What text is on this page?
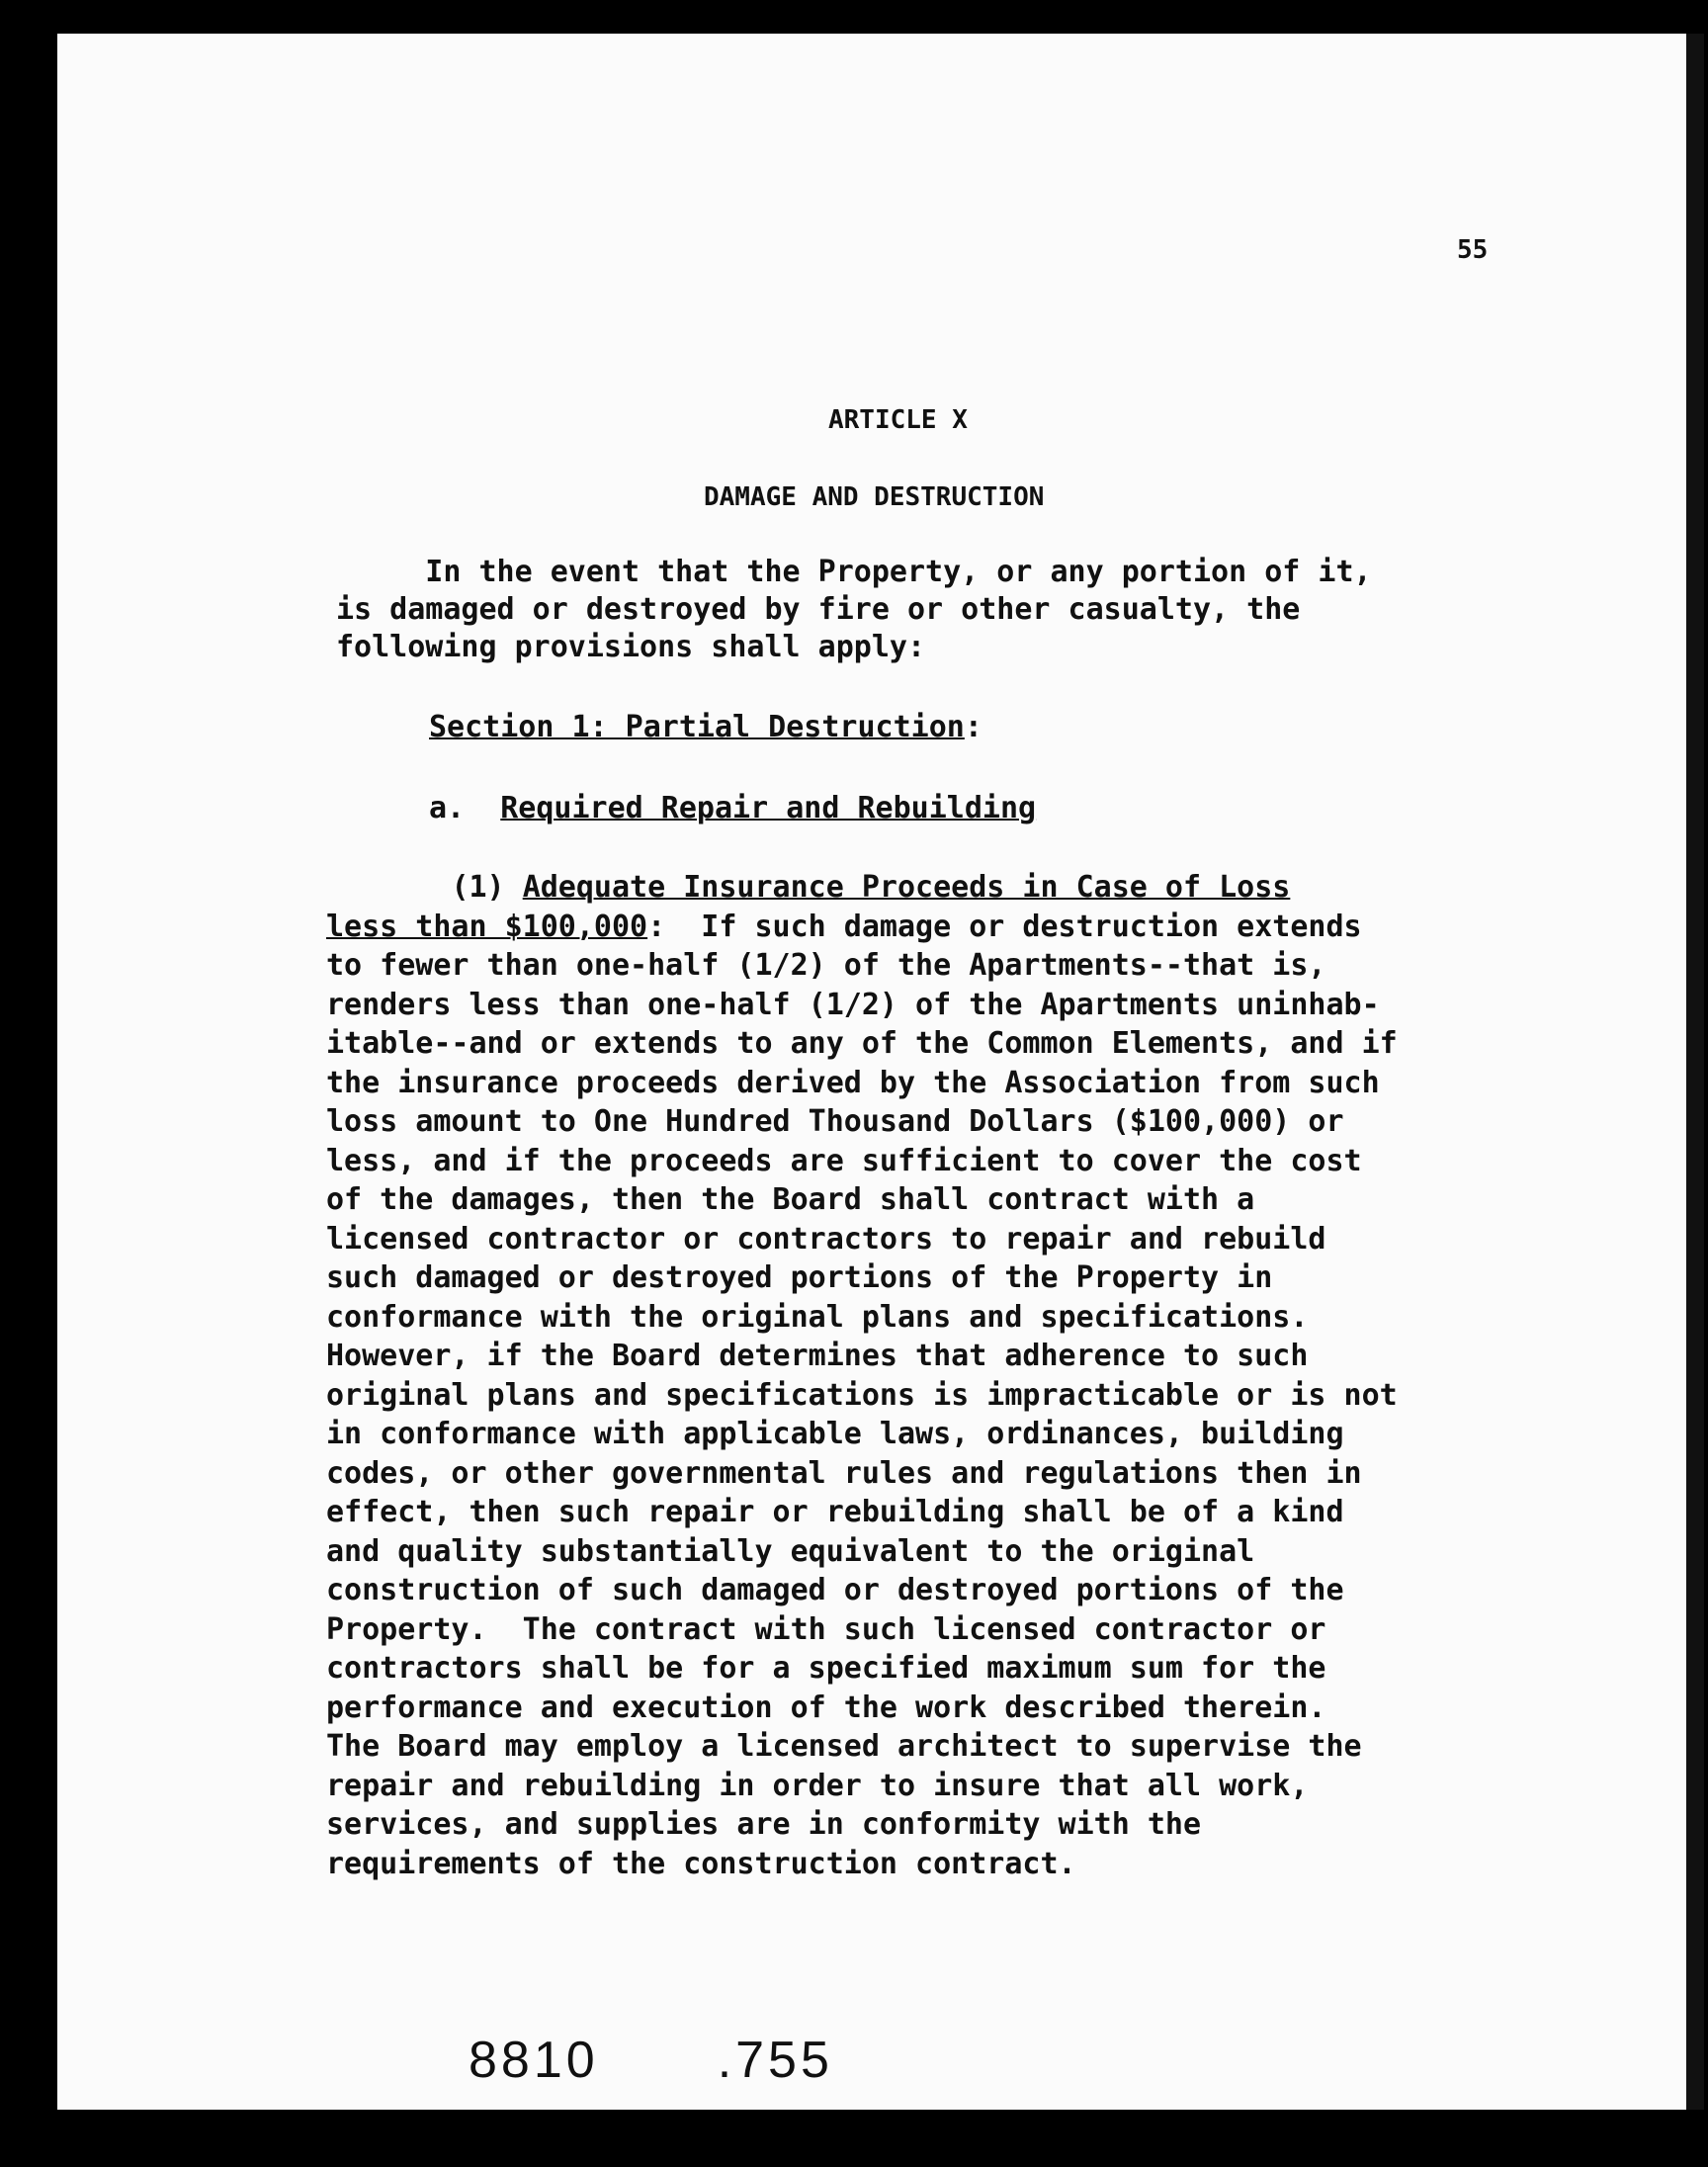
55
ARTICLE X
DAMAGE AND DESTRUCTION
In the event that the Property, or any portion of it,
is damaged or destroyed by fire or other casualty, the
following provisions shall apply:
Section 1: Partial Destruction:
a. Required Repair and Rebuilding
(1) Adequate Insurance Proceeds in Case of Loss
less than $100,000:  If such damage or destruction extends
to fewer than one-half (1/2) of the Apartments--that is,
renders less than one-half (1/2) of the Apartments uninhab-
itable--and or extends to any of the Common Elements, and if
the insurance proceeds derived by the Association from such
loss amount to One Hundred Thousand Dollars ($100,000) or
less, and if the proceeds are sufficient to cover the cost
of the damages, then the Board shall contract with a
licensed contractor or contractors to repair and rebuild
such damaged or destroyed portions of the Property in
conformance with the original plans and specifications.
However, if the Board determines that adherence to such
original plans and specifications is impracticable or is not
in conformance with applicable laws, ordinances, building
codes, or other governmental rules and regulations then in
effect, then such repair or rebuilding shall be of a kind
and quality substantially equivalent to the original
construction of such damaged or destroyed portions of the
Property.  The contract with such licensed contractor or
contractors shall be for a specified maximum sum for the
performance and execution of the work described therein.
The Board may employ a licensed architect to supervise the
repair and rebuilding in order to insure that all work,
services, and supplies are in conformity with the
requirements of the construction contract.
8810 .755
